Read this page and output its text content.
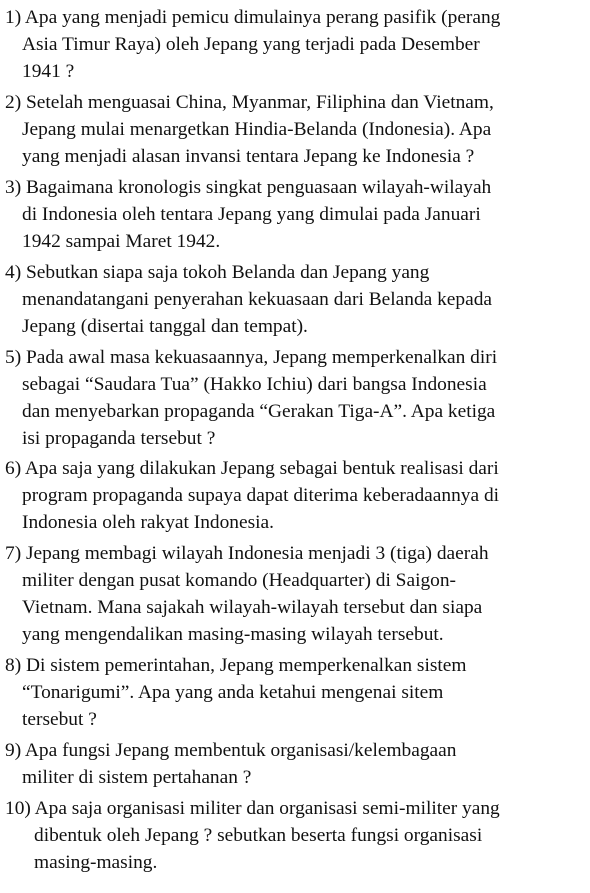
1) Apa yang menjadi pemicu dimulainya perang pasifik (perang
Asia Timur Raya) oleh Jepang yang terjadi pada Desember
1941 ?
2) Setelah menguasai China, Myanmar, Filiphina dan Vietnam,
Jepang mulai menargetkan Hindia-Belanda (Indonesia). Apa
yang menjadi alasan invansi tentara Jepang ke Indonesia ?
3) Bagaimana kronologis singkat penguasaan wilayah-wilayah
di Indonesia oleh tentara Jepang yang dimulai pada Januari
1942 sampai Maret 1942.
4) Sebutkan siapa saja tokoh Belanda dan Jepang yang
menandatangani penyerahan kekuasaan dari Belanda kepada
Jepang (disertai tanggal dan tempat).
5) Pada awal masa kekuasaannya, Jepang memperkenalkan diri
sebagai “Saudara Tua” (Hakko Ichiu) dari bangsa Indonesia
dan menyebarkan propaganda “Gerakan Tiga-A”. Apa ketiga
isi propaganda tersebut ?
6) Apa saja yang dilakukan Jepang sebagai bentuk realisasi dari
program propaganda supaya dapat diterima keberadaannya di
Indonesia oleh rakyat Indonesia.
7) Jepang membagi wilayah Indonesia menjadi 3 (tiga) daerah
militer dengan pusat komando (Headquarter) di Saigon-
Vietnam. Mana sajakah wilayah-wilayah tersebut dan siapa
yang mengendalikan masing-masing wilayah tersebut.
8) Di sistem pemerintahan, Jepang memperkenalkan sistem
“Tonarigumi”. Apa yang anda ketahui mengenai sitem
tersebut ?
9) Apa fungsi Jepang membentuk organisasi/kelembagaan
militer di sistem pertahanan ?
10) Apa saja organisasi militer dan organisasi semi-militer yang
dibentuk oleh Jepang ? sebutkan beserta fungsi organisasi
masing-masing.
